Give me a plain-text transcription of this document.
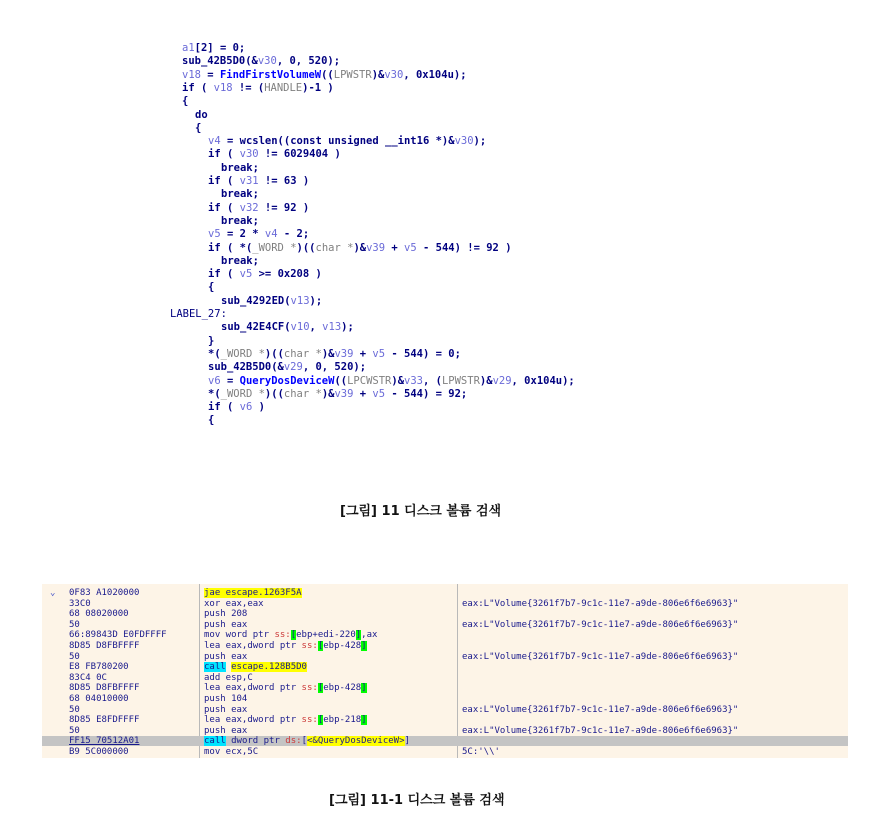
a1[2] = 0;
sub_42B5D0(&v30, 0, 520);
v18 = FindFirstVolumeW((LPWSTR)&v30, 0x104u);
if ( v18 != (HANDLE)-1 )
{
do
{
v4 = wcslen((const unsigned __int16 *)&v30);
if ( v30 != 6029404 )
break;
if ( v31 != 63 )
break;
if ( v32 != 92 )
break;
v5 = 2 * v4 - 2;
if ( *(_WORD *)((char *)&v39 + v5 - 544) != 92 )
break;
if ( v5 >= 0x208 )
{
sub_4292ED(v13);
LABEL_27:
sub_42E4CF(v10, v13);
}
*(_WORD *)((char *)&v39 + v5 - 544) = 0;
sub_42B5D0(&v29, 0, 520);
v6 = QueryDosDeviceW((LPCWSTR)&v33, (LPWSTR)&v29, 0x104u);
*(_WORD *)((char *)&v39 + v5 - 544) = 92;
if ( v6 )
{
[그림] 11 디스크 볼륨 검색
⌄ 0F83 A1020000	jae escape.1263F5A
33C0	xor eax,eax	eax:L"Volume{3261f7b7-9c1c-11e7-a9de-806e6f6e6963}"
68 08020000	push 208
50	push eax	eax:L"Volume{3261f7b7-9c1c-11e7-a9de-806e6f6e6963}"
66:89843D E0FDFFFF	mov word ptr ss:[ebp+edi-220],ax
8D85 D8FBFFFF	lea eax,dword ptr ss:[ebp-428]
50	push eax	eax:L"Volume{3261f7b7-9c1c-11e7-a9de-806e6f6e6963}"
E8 FB780200	call escape.128B5D0
83C4 0C	add esp,C
8D85 D8FBFFFF	lea eax,dword ptr ss:[ebp-428]
68 04010000	push 104
50	push eax	eax:L"Volume{3261f7b7-9c1c-11e7-a9de-806e6f6e6963}"
8D85 E8FDFFFF	lea eax,dword ptr ss:[ebp-218]
50	push eax	eax:L"Volume{3261f7b7-9c1c-11e7-a9de-806e6f6e6963}"
FF15 70512A01	call dword ptr ds:[<&QueryDosDeviceW>]
B9 5C000000	mov ecx,5C	5C:'\\'
[그림] 11-1 디스크 볼륨 검색
